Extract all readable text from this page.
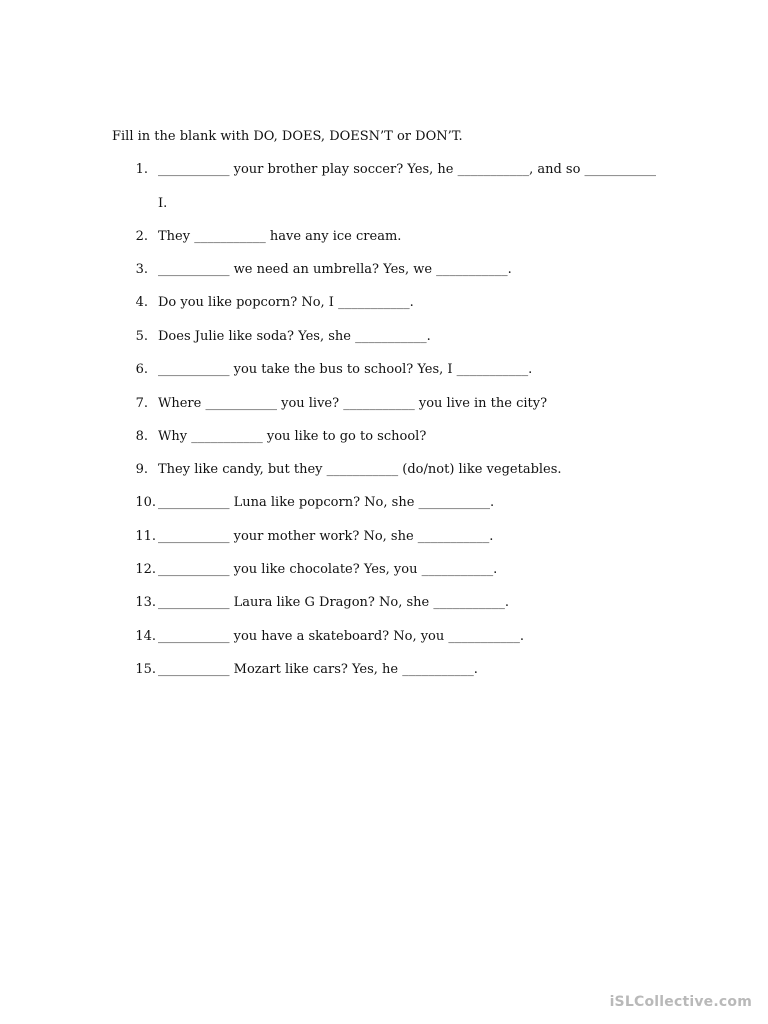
Fill in the blank with DO, DOES, DOESN’T or DON’T.
1. ___________ your brother play soccer? Yes, he ___________, and so ___________
I.
2. They ___________ have any ice cream.
3. ___________ we need an umbrella? Yes, we ___________.
4. Do you like popcorn? No, I ___________.
5. Does Julie like soda? Yes, she ___________.
6. ___________ you take the bus to school? Yes, I ___________.
7. Where ___________ you live? ___________ you live in the city?
8. Why ___________ you like to go to school?
9. They like candy, but they ___________ (do/not) like vegetables.
10. ___________ Luna like popcorn? No, she ___________.
11. ___________ your mother work? No, she ___________.
12. ___________ you like chocolate? Yes, you ___________.
13. ___________ Laura like G Dragon? No, she ___________.
14. ___________ you have a skateboard? No, you ___________.
15. ___________ Mozart like cars? Yes, he ___________.
iSLCollective.com
